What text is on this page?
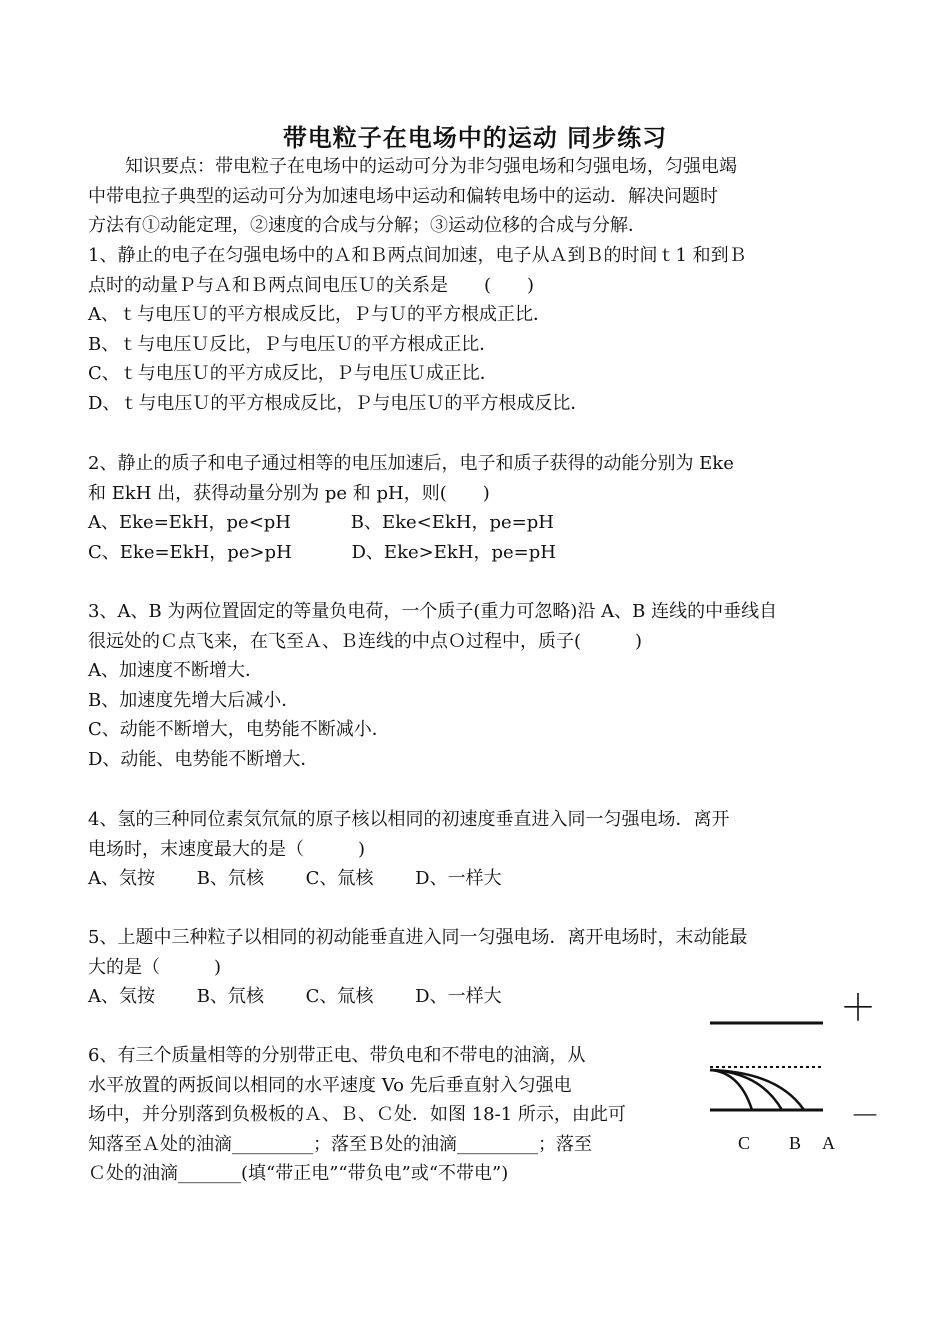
带电粒子在电场中的运动 同步练习
知识要点：带电粒子在电场中的运动可分为非匀强电场和匀强电场，匀强电竭
中带电拉子典型的运动可分为加速电场中运动和偏转电场中的运动．解决问题时
方法有①动能定理，②速度的合成与分解；③运动位移的合成与分解．
1、静止的电子在匀强电场中的Ａ和Ｂ两点间加速，电子从Ａ到Ｂ的时间ｔ1 和到Ｂ
点时的动量Ｐ与Ａ和Ｂ两点间电压Ｕ的关系是　　(　　)
A、ｔ与电压Ｕ的平方根成反比，Ｐ与Ｕ的平方根成正比．
B、ｔ与电压Ｕ反比，Ｐ与电压Ｕ的平方根成正比．
C、ｔ与电压Ｕ的平方成反比，Ｐ与电压Ｕ成正比．
D、ｔ与电压Ｕ的平方根成反比，Ｐ与电压Ｕ的平方根成反比．
2、静止的质子和电子通过相等的电压加速后，电子和质子获得的动能分别为 Eke
和 EkH 出，获得动量分别为 pe 和 pH，则(　　)
A、Eke=EkH，pe<pH　　　 B、Eke<EkH，pe=pH
C、Eke=EkH，pe>pH　　　 D、Eke>EkH，pe=pH
3、A、B 为两位置固定的等量负电荷，一个质子(重力可忽略)沿 A、B 连线的中垂线自
很远处的Ｃ点飞来，在飞至Ａ、Ｂ连线的中点Ｏ过程中，质子(　　　)
A、加速度不断增大．
B、加速度先增大后减小．
C、动能不断增大，电势能不断减小．
D、动能、电势能不断增大．
4、氢的三种同位素気氘氚的原子核以相同的初速度垂直进入同一匀强电场．离开
电场时，末速度最大的是（　　　)
A、気按　　 B、氘核　　 C、氚核　　 D、一样大
5、上题中三种粒子以相同的初动能垂直进入同一匀强电场．离开电场时，末动能最
大的是（　　　)
A、気按　　 B、氘核　　 C、氚核　　 D、一样大
6、有三个质量相等的分别带正电、带负电和不带电的油滴，从
水平放置的两扳间以相同的水平速度 Vo 先后垂直射入匀强电
场中，并分别落到负极板的Ａ、Ｂ、Ｃ处．如图 18-1 所示，由此可
知落至Ａ处的油滴_________；落至Ｂ处的油滴_________；落至
Ｃ处的油滴_______(填“带正电”“带负电”或“不带电”)
＋
－
C B A
